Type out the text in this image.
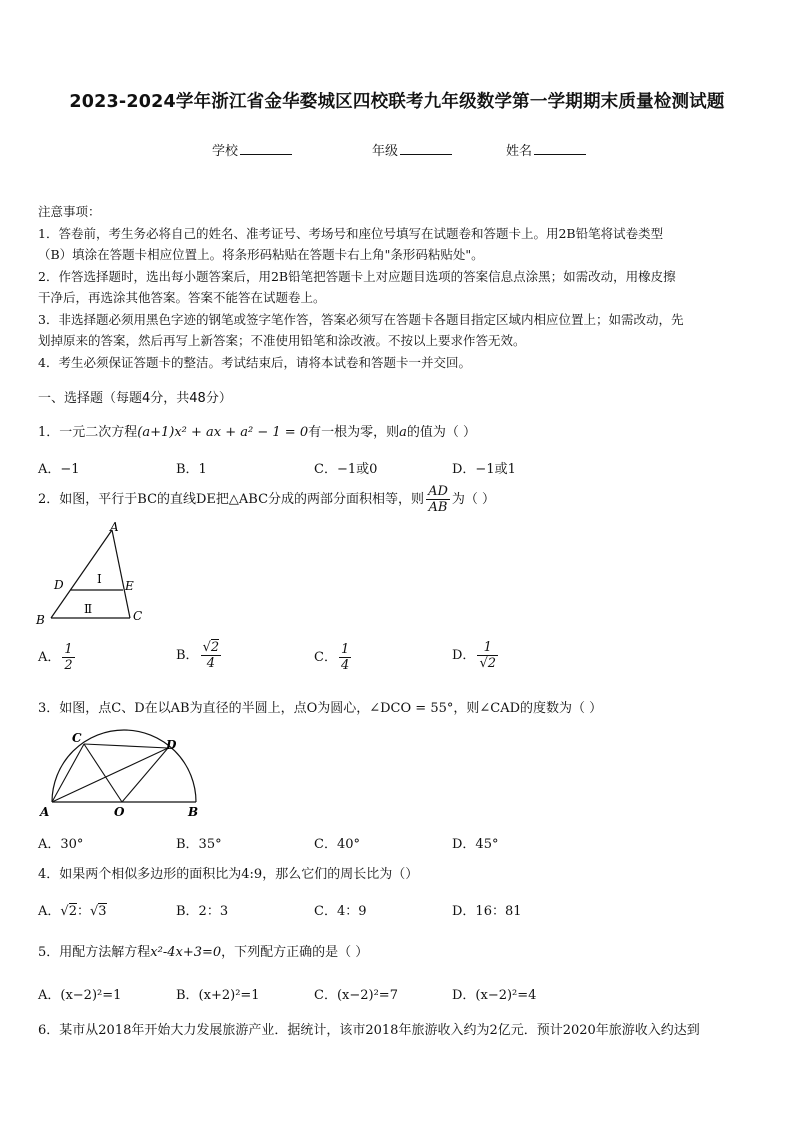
2023-2024学年浙江省金华婺城区四校联考九年级数学第一学期期末质量检测试题
学校	年级	姓名
注意事项：
1．答卷前，考生务必将自己的姓名、准考证号、考场号和座位号填写在试题卷和答题卡上。用2B铅笔将试卷类型
（B）填涂在答题卡相应位置上。将条形码粘贴在答题卡右上角"条形码粘贴处"。
2．作答选择题时，选出每小题答案后，用2B铅笔把答题卡上对应题目选项的答案信息点涂黑；如需改动，用橡皮擦
干净后，再选涂其他答案。答案不能答在试题卷上。
3．非选择题必须用黑色字迹的钢笔或签字笔作答，答案必须写在答题卡各题目指定区域内相应位置上；如需改动，先
划掉原来的答案，然后再写上新答案；不准使用铅笔和涂改液。不按以上要求作答无效。
4．考生必须保证答题卡的整洁。考试结束后，请将本试卷和答题卡一并交回。
一、选择题（每题4分，共48分）
1．一元二次方程(a+1)x² + ax + a² − 1 = 0有一根为零，则a的值为（ ）
A．−1	B．1	C．−1或0	D．−1或1
2．如图，平行于BC的直线DE把△ABC分成的两部分面积相等，则 $\frac{AD}{AB}$ 为（ ）
A
D	E
B	C
Ⅰ
Ⅱ
A． $\frac{1}{2}$	B． $\frac{√2}{4}$	C． $\frac{1}{4}$	D． $\frac{1}{√2}$
3．如图，点C、D在以AB为直径的半圆上，点O为圆心，∠DCO = 55°，则∠CAD的度数为（ ）
C	D
A	O	B
A．30°	B．35°	C．40°	D．45°
4．如果两个相似多边形的面积比为4:9，那么它们的周长比为（）
A．√2：√3	B．2：3	C．4：9	D．16：81
5．用配方法解方程x²-4x+3=0，下列配方正确的是（ ）
A．(x−2)²=1	B．(x+2)²=1	C．(x−2)²=7	D．(x−2)²=4
6．某市从2018年开始大力发展旅游产业．据统计，该市2018年旅游收入约为2亿元．预计2020年旅游收入约达到
